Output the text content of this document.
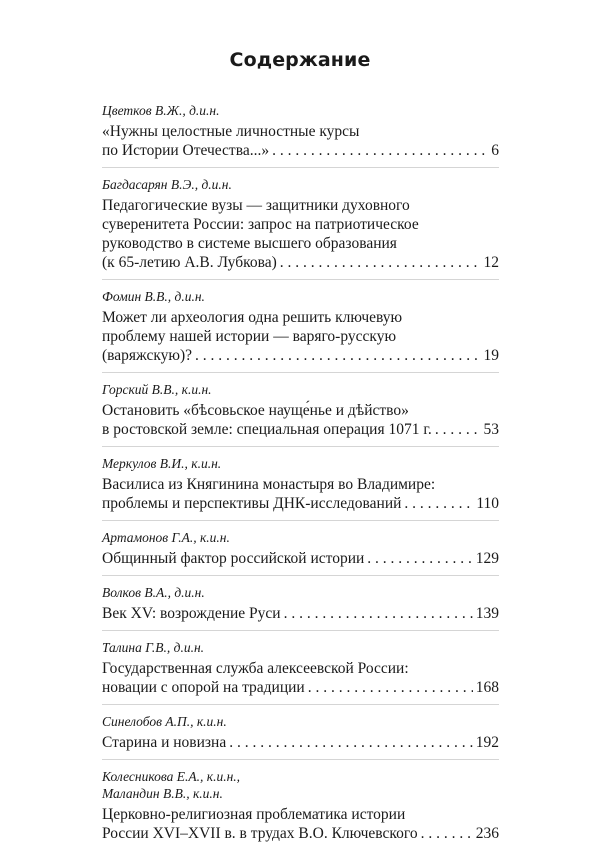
Содержание
Цветков В.Ж., д.и.н.
«Нужны целостные личностные курсы
по Истории Отечества...» . . .	6
Багдасарян В.Э., д.и.н.
Педагогические вузы — защитники духовного
суверенитета России: запрос на патриотическое
руководство в системе высшего образования
(к 65-летию А.В. Лубкова) . . .	12
Фомин В.В., д.и.н.
Может ли археология одна решить ключевую
проблему нашей истории — варяго-русскую
(варяжскую)? . . .	19
Горский В.В., к.и.н.
Остановить «бѣсовьское науще́нье и дѣйство»
в ростовской земле: специальная операция 1071 г. . . .	53
Меркулов В.И., к.и.н.
Василиса из Княгинина монастыря во Владимире:
проблемы и перспективы ДНК-исследований . . .	110
Артамонов Г.А., к.и.н.
Общинный фактор российской истории . . .	129
Волков В.А., д.и.н.
Век XV: возрождение Руси . . .	139
Талина Г.В., д.и.н.
Государственная служба алексеевской России:
новации с опорой на традиции . . .	168
Синелобов А.П., к.и.н.
Старина и новизна . . .	192
Колесникова Е.А., к.и.н.,
Маландин В.В., к.и.н.
Церковно-религиозная проблематика истории
России XVI–XVII в. в трудах В.О. Ключевского . . .	236
